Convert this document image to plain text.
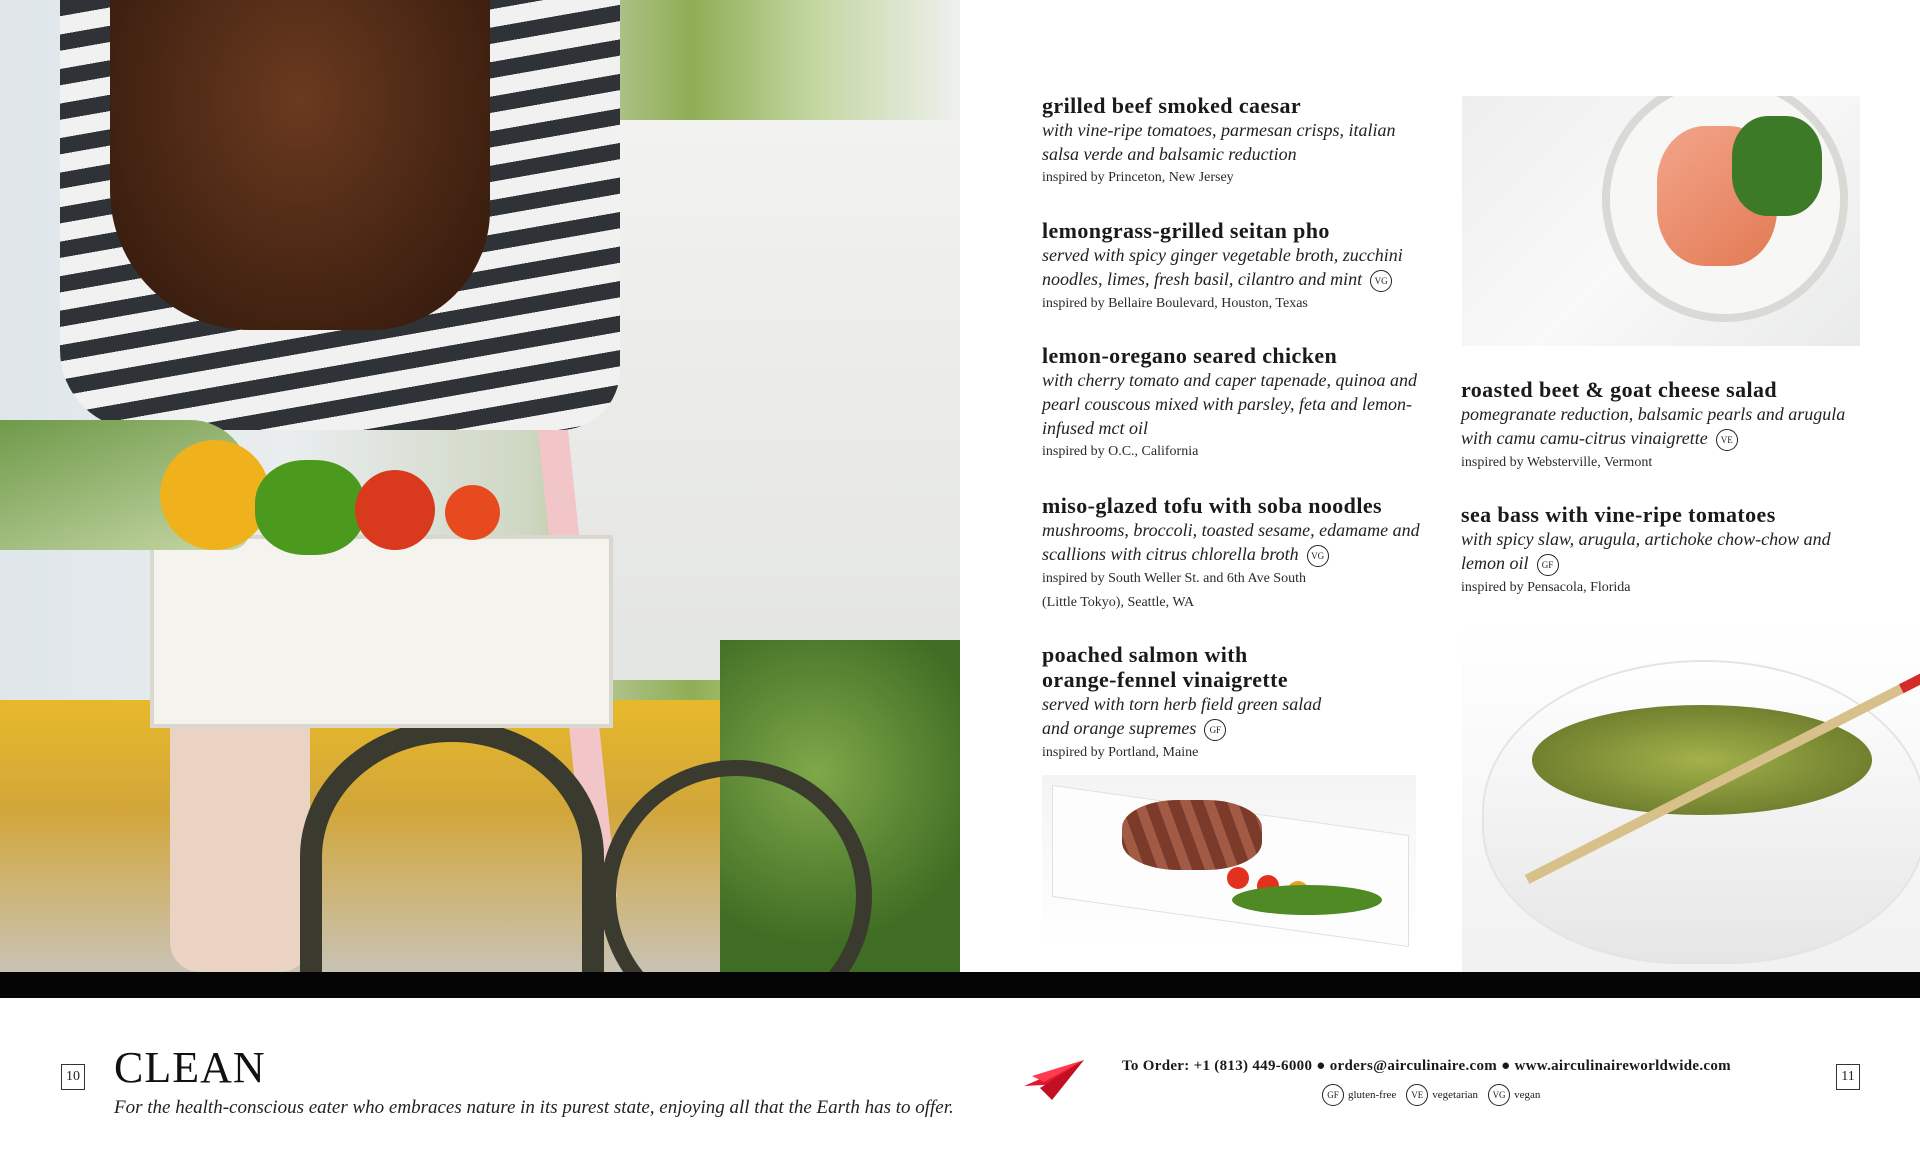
grilled beef smoked caesar
with vine-ripe tomatoes, parmesan crisps, italian
salsa verde and balsamic reduction
inspired by Princeton, New Jersey
lemongrass-grilled seitan pho
served with spicy ginger vegetable broth, zucchini
noodles, limes, fresh basil, cilantro and mint VG
inspired by Bellaire Boulevard, Houston, Texas
lemon-oregano seared chicken
with cherry tomato and caper tapenade, quinoa and
pearl couscous mixed with parsley, feta and lemon-
infused mct oil
inspired by O.C., California
miso-glazed tofu with soba noodles
mushrooms, broccoli, toasted sesame, edamame and
scallions with citrus chlorella broth VG
inspired by South Weller St. and 6th Ave South
(Little Tokyo), Seattle, WA
poached salmon with
orange-fennel vinaigrette
served with torn herb field green salad
and orange supremes GF
inspired by Portland, Maine
roasted beet & goat cheese salad
pomegranate reduction, balsamic pearls and arugula
with camu camu-citrus vinaigrette VE
inspired by Websterville, Vermont
sea bass with vine-ripe tomatoes
with spicy slaw, arugula, artichoke chow-chow and
lemon oil GF
inspired by Pensacola, Florida
10	11
CLEAN
For the health-conscious eater who embraces nature in its purest state, enjoying all that the Earth has to offer.
To Order: +1 (813) 449-6000 ● orders@airculinaire.com ● www.airculinaireworldwide.com
GF gluten-free VE vegetarian VG vegan
